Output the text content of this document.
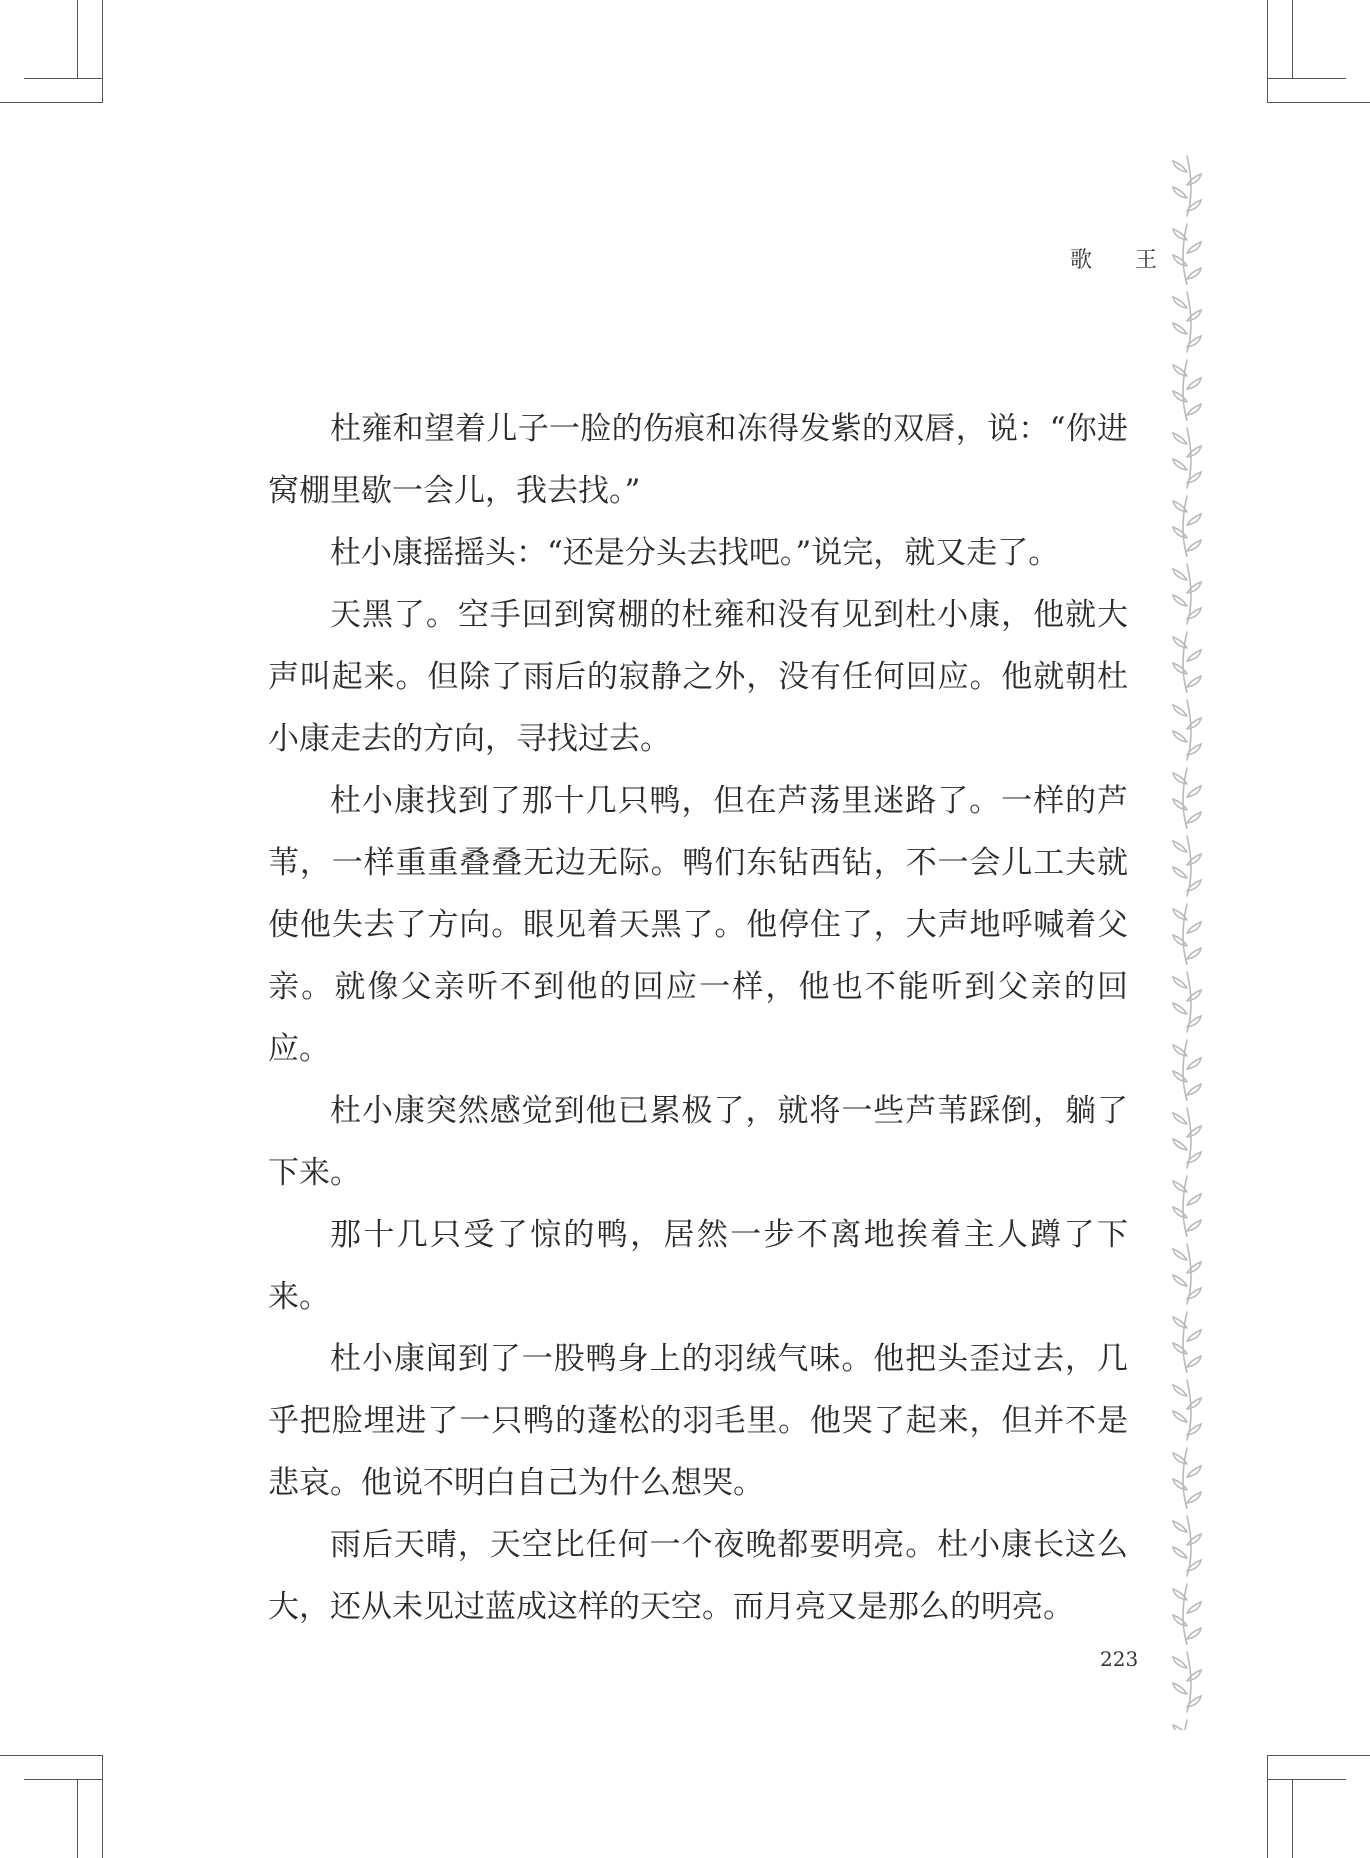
歌 王

杜雍和望着儿子一脸的伤痕和冻得发紫的双唇，说：“你进窝棚里歇一会儿，我去找。”

杜小康摇摇头：“还是分头去找吧。”说完，就又走了。

天黑了。空手回到窝棚的杜雍和没有见到杜小康，他就大声叫起来。但除了雨后的寂静之外，没有任何回应。他就朝杜小康走去的方向，寻找过去。

杜小康找到了那十几只鸭，但在芦荡里迷路了。一样的芦苇，一样重重叠叠无边无际。鸭们东钻西钻，不一会儿工夫就使他失去了方向。眼见着天黑了。他停住了，大声地呼喊着父亲。就像父亲听不到他的回应一样，他也不能听到父亲的回应。

杜小康突然感觉到他已累极了，就将一些芦苇踩倒，躺了下来。

那十几只受了惊的鸭，居然一步不离地挨着主人蹲了下来。

杜小康闻到了一股鸭身上的羽绒气味。他把头歪过去，几乎把脸埋进了一只鸭的蓬松的羽毛里。他哭了起来，但并不是悲哀。他说不明白自己为什么想哭。

雨后天晴，天空比任何一个夜晚都要明亮。杜小康长这么大，还从未见过蓝成这样的天空。而月亮又是那么的明亮。

223
